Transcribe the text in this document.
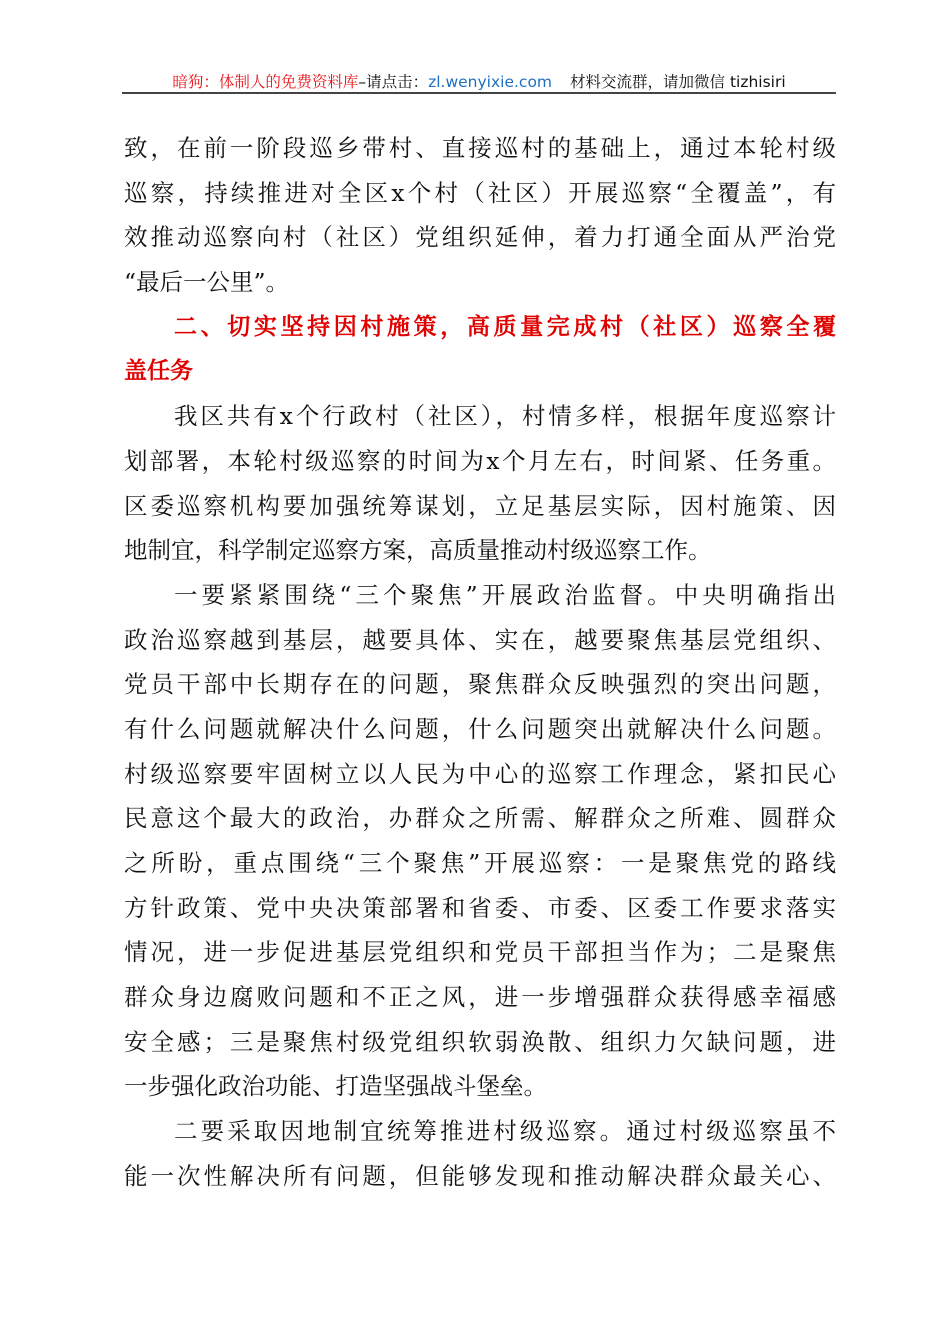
暗狗：体制人的免费资料库–请点击：zl.wenyixie.com 材料交流群，请加微信 tizhisiri
致，在前一阶段巡乡带村、直接巡村的基础上，通过本轮村级
巡察，持续推进对全区x个村（社区）开展巡察“全覆盖”，有
效推动巡察向村（社区）党组织延伸，着力打通全面从严治党
“最后一公里”。
二、切实坚持因村施策，高质量完成村（社区）巡察全覆
盖任务
我区共有x个行政村（社区），村情多样，根据年度巡察计
划部署，本轮村级巡察的时间为x个月左右，时间紧、任务重。
区委巡察机构要加强统筹谋划，立足基层实际，因村施策、因
地制宜，科学制定巡察方案，高质量推动村级巡察工作。
一要紧紧围绕“三个聚焦”开展政治监督。中央明确指出
政治巡察越到基层，越要具体、实在，越要聚焦基层党组织、
党员干部中长期存在的问题，聚焦群众反映强烈的突出问题，
有什么问题就解决什么问题，什么问题突出就解决什么问题。
村级巡察要牢固树立以人民为中心的巡察工作理念，紧扣民心
民意这个最大的政治，办群众之所需、解群众之所难、圆群众
之所盼，重点围绕“三个聚焦”开展巡察：一是聚焦党的路线
方针政策、党中央决策部署和省委、市委、区委工作要求落实
情况，进一步促进基层党组织和党员干部担当作为；二是聚焦
群众身边腐败问题和不正之风，进一步增强群众获得感幸福感
安全感；三是聚焦村级党组织软弱涣散、组织力欠缺问题，进
一步强化政治功能、打造坚强战斗堡垒。
二要采取因地制宜统筹推进村级巡察。通过村级巡察虽不
能一次性解决所有问题，但能够发现和推动解决群众最关心、
